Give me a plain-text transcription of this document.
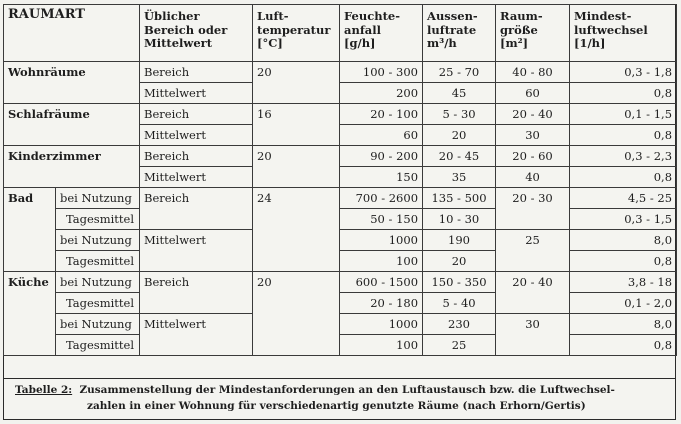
RAUMART		Üblicher
Bereich oder
Mittelwert	Luft-
temperatur
[°C]	Feuchte-
anfall
[g/h]	Aussen-
luftrate
m³/h	Raum-
größe
[m²]	Mindest-
luftwechsel
[1/h]
Wohnräume		Bereich	20	100 - 300	25 - 70	40 - 80	0,3 - 1,8
		Mittelwert		200	45	60	0,8
Schlafräume		Bereich	16	20 - 100	5 - 30	20 - 40	0,1 - 1,5
		Mittelwert		60	20	30	0,8
Kinderzimmer		Bereich	20	90 - 200	20 - 45	20 - 60	0,3 - 2,3
		Mittelwert		150	35	40	0,8
Bad	bei Nutzung	Bereich	24	700 - 2600	135 - 500	20 - 30	4,5 - 25
	Tagesmittel			50 - 150	10 - 30		0,3 - 1,5
	bei Nutzung	Mittelwert		1000	190	25	8,0
	Tagesmittel			100	20		0,8
Küche	bei Nutzung	Bereich	20	600 - 1500	150 - 350	20 - 40	3,8 - 18
	Tagesmittel			20 - 180	5 - 40		0,1 - 2,0
	bei Nutzung	Mittelwert		1000	230	30	8,0
	Tagesmittel			100	25		0,8
Tabelle 2: Zusammenstellung der Mindestanforderungen an den Luftaustausch bzw. die Luftwechsel-
zahlen in einer Wohnung für verschiedenartig genutzte Räume (nach Erhorn/Gertis)
